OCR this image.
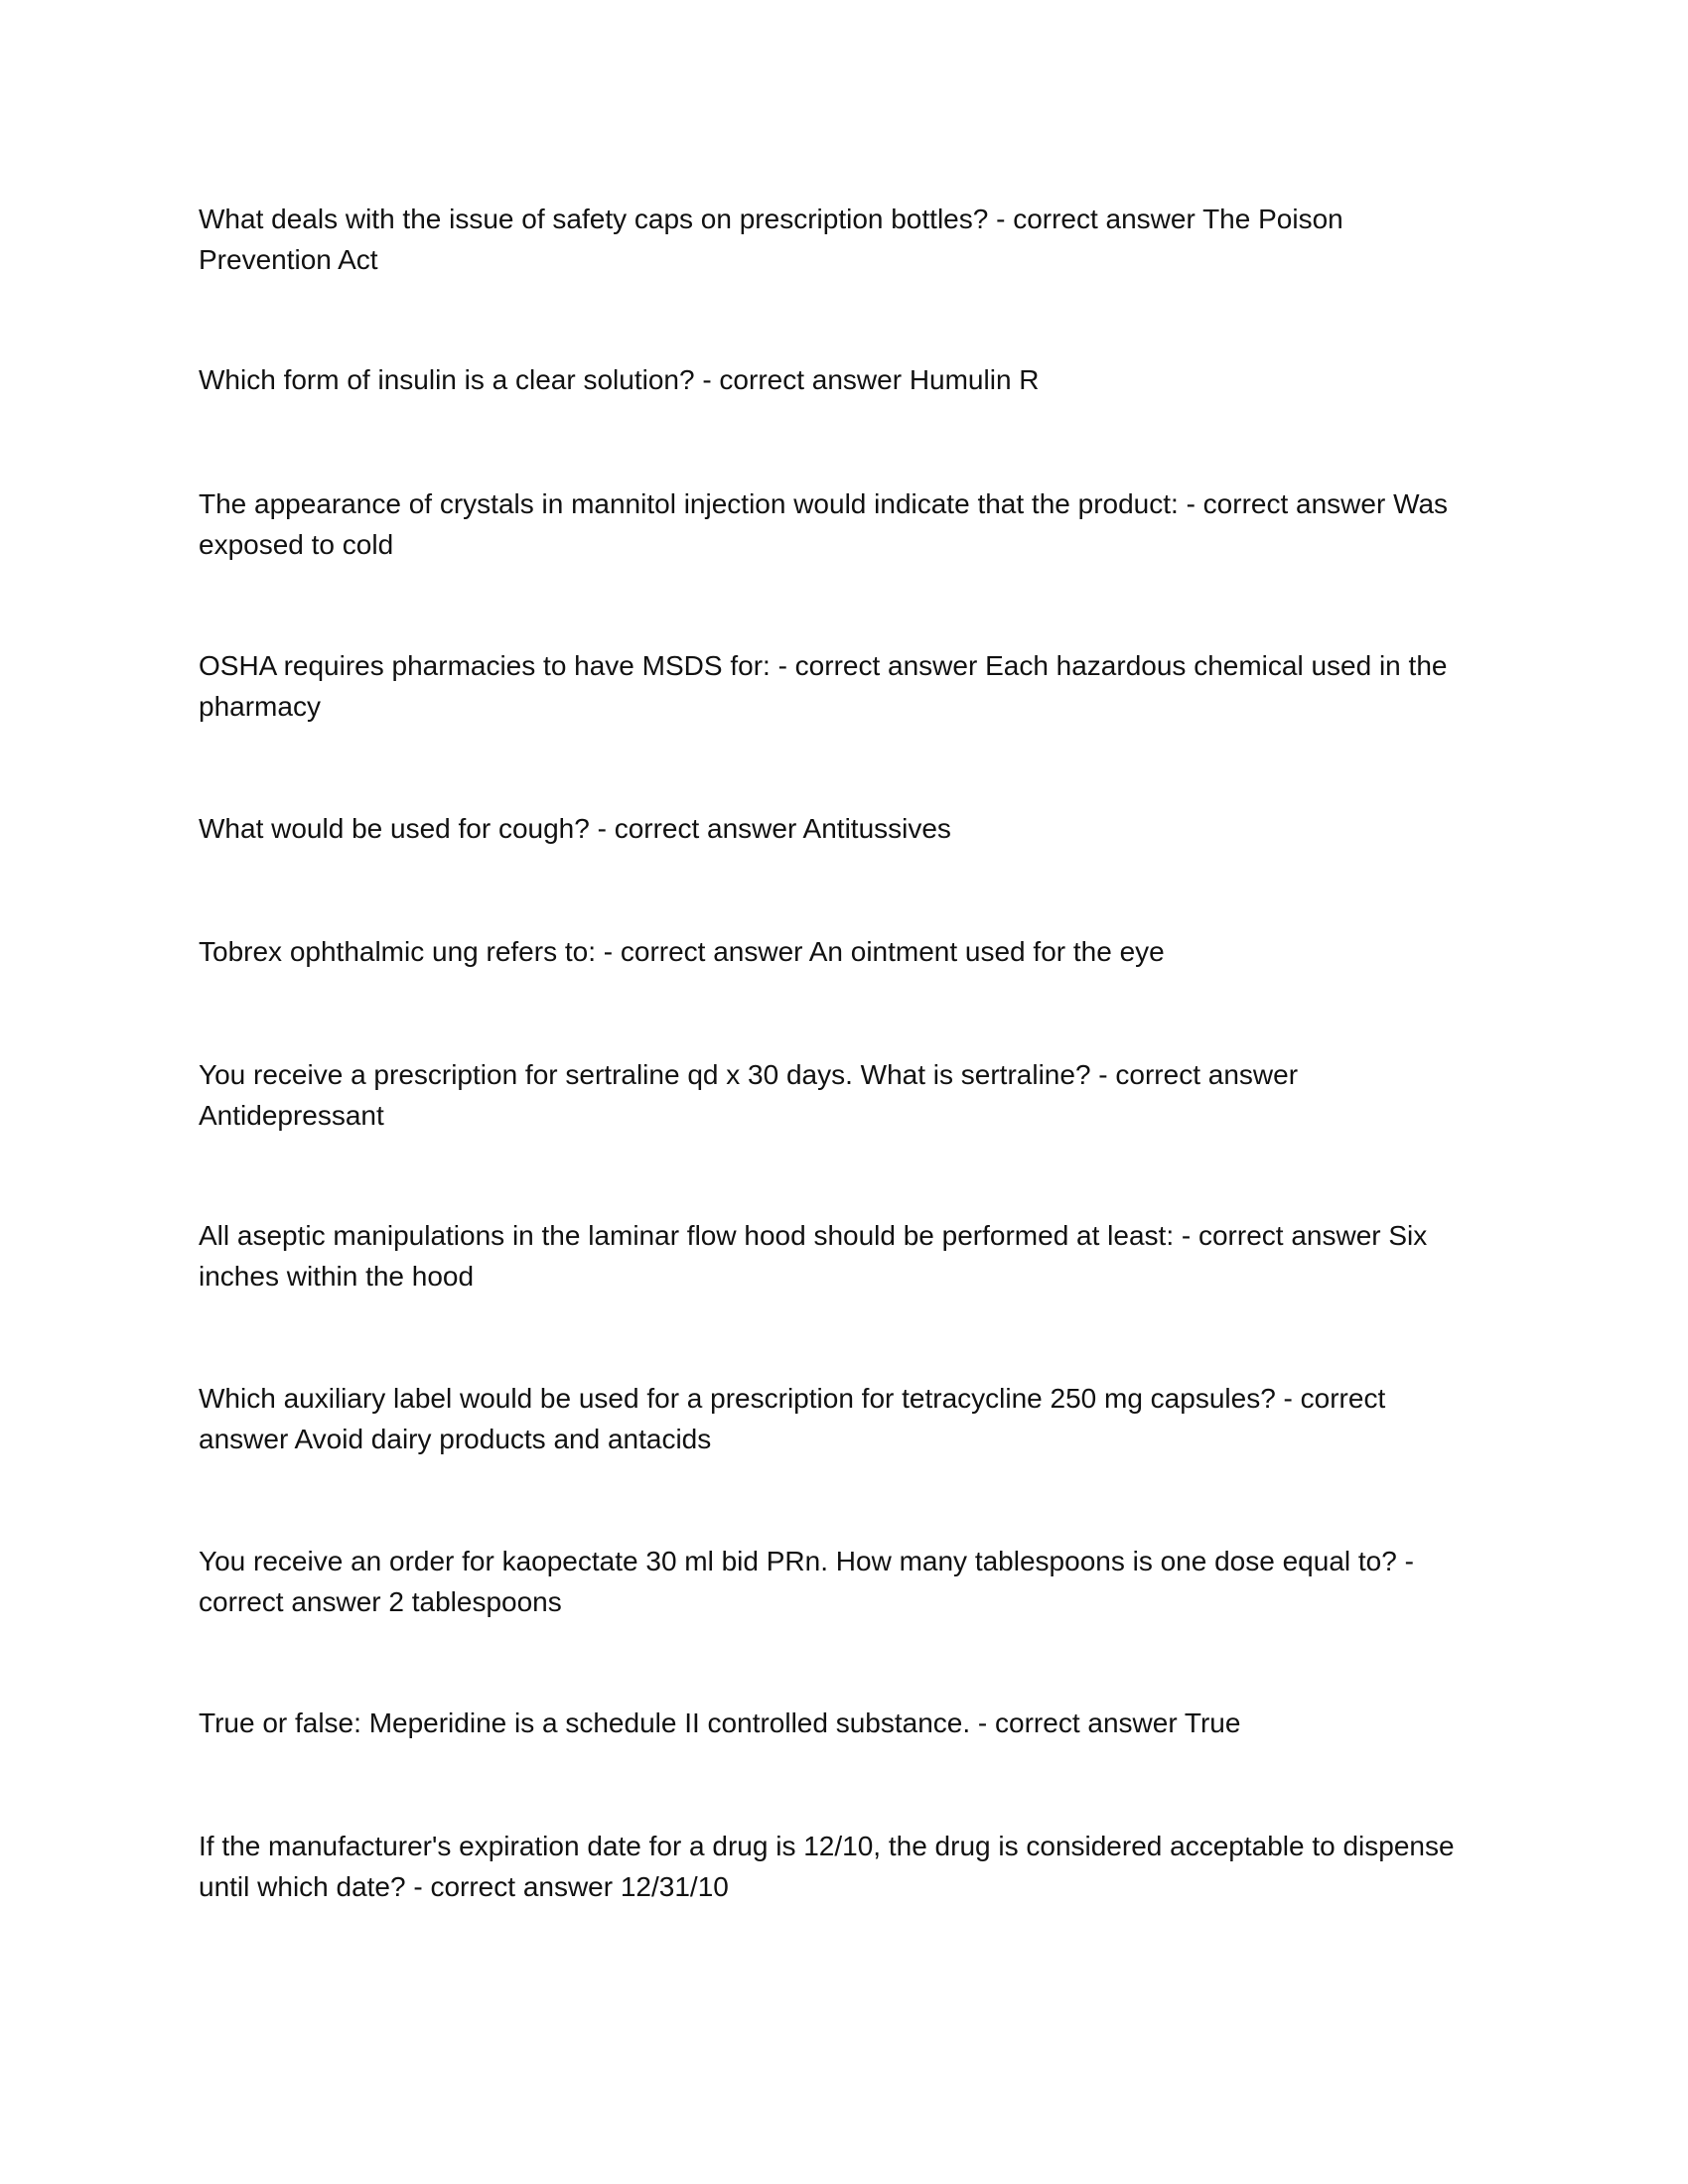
What deals with the issue of safety caps on prescription bottles? - correct answer The Poison Prevention Act

Which form of insulin is a clear solution? - correct answer Humulin R

The appearance of crystals in mannitol injection would indicate that the product: - correct answer Was exposed to cold

OSHA requires pharmacies to have MSDS for: - correct answer Each hazardous chemical used in the pharmacy

What would be used for cough? - correct answer Antitussives

Tobrex ophthalmic ung refers to: - correct answer An ointment used for the eye

You receive a prescription for sertraline qd x 30 days. What is sertraline? - correct answer Antidepressant

All aseptic manipulations in the laminar flow hood should be performed at least: - correct answer Six inches within the hood

Which auxiliary label would be used for a prescription for tetracycline 250 mg capsules? - correct answer Avoid dairy products and antacids

You receive an order for kaopectate 30 ml bid PRn. How many tablespoons is one dose equal to? - correct answer 2 tablespoons

True or false: Meperidine is a schedule II controlled substance. - correct answer True

If the manufacturer's expiration date for a drug is 12/10, the drug is considered acceptable to dispense until which date? - correct answer 12/31/10
